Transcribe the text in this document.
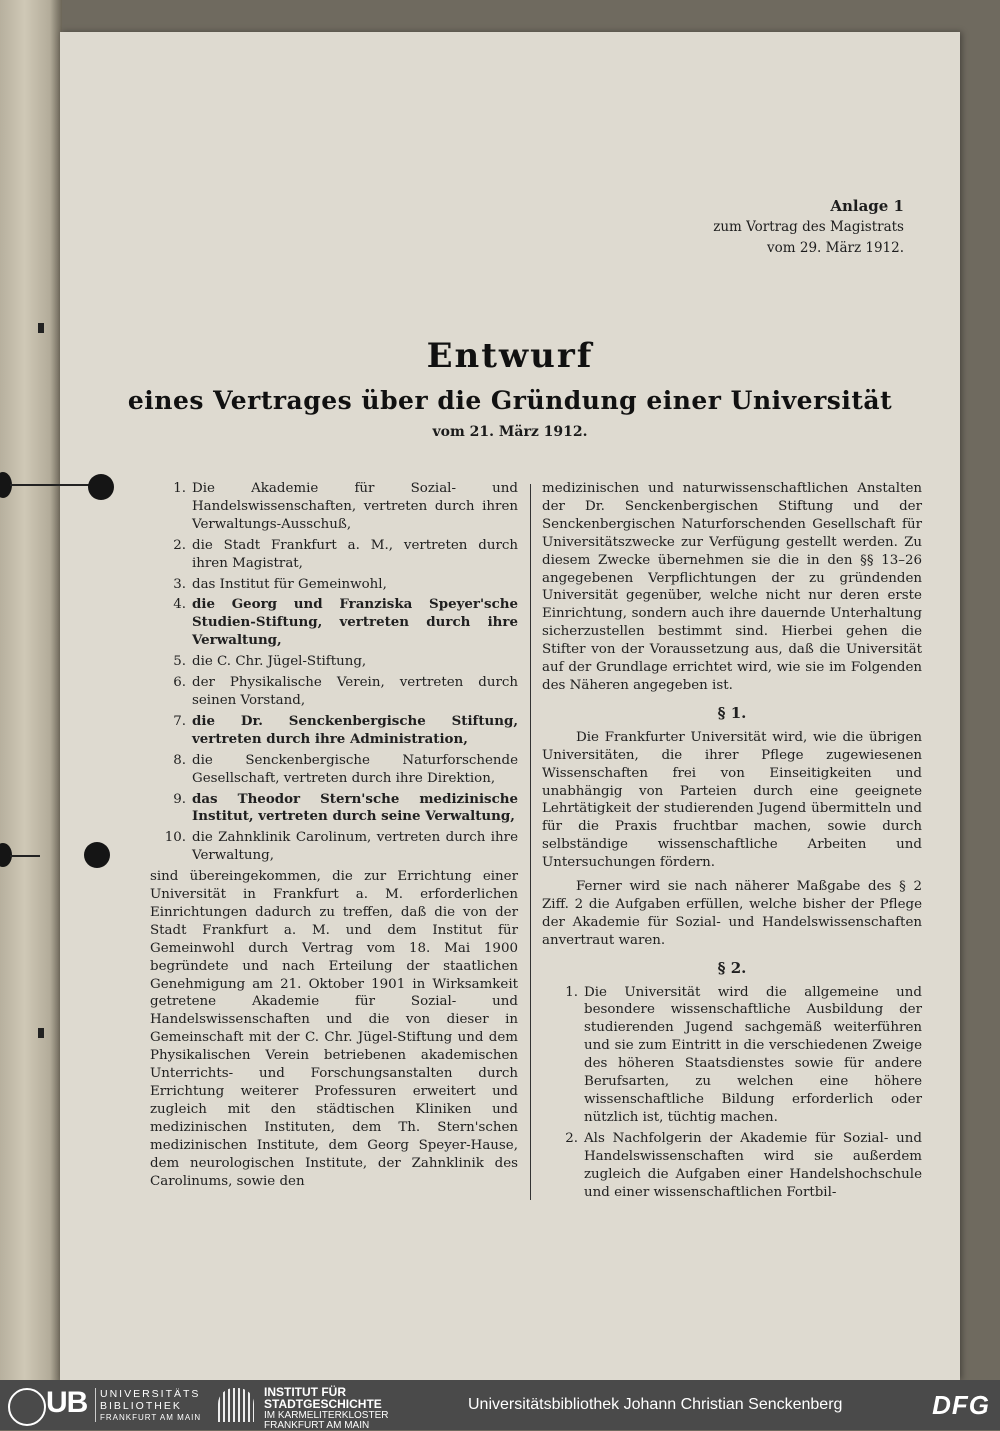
Anlage 1
zum Vortrag des Magistrats
vom 29. März 1912.
Entwurf
eines Vertrages über die Gründung einer Universität
vom 21. März 1912.
1. Die Akademie für Sozial- und Handelswissenschaften, vertreten durch ihren Verwaltungs-Ausschuß,
2. die Stadt Frankfurt a. M., vertreten durch ihren Magistrat,
3. das Institut für Gemeinwohl,
4. die Georg und Franziska Speyer'sche Studien-Stiftung, vertreten durch ihre Verwaltung,
5. die C. Chr. Jügel-Stiftung,
6. der Physikalische Verein, vertreten durch seinen Vorstand,
7. die Dr. Senckenbergische Stiftung, vertreten durch ihre Administration,
8. die Senckenbergische Naturforschende Gesellschaft, vertreten durch ihre Direktion,
9. das Theodor Stern'sche medizinische Institut, vertreten durch seine Verwaltung,
10. die Zahnklinik Carolinum, vertreten durch ihre Verwaltung,

sind übereingekommen, die zur Errichtung einer Universität in Frankfurt a. M. erforderlichen Einrichtungen dadurch zu treffen, daß die von der Stadt Frankfurt a. M. und dem Institut für Gemeinwohl durch Vertrag vom 18. Mai 1900 begründete und nach Erteilung der staatlichen Genehmigung am 21. Oktober 1901 in Wirksamkeit getretene Akademie für Sozial- und Handelswissenschaften und die von dieser in Gemeinschaft mit der C. Chr. Jügel-Stiftung und dem Physikalischen Verein betriebenen akademischen Unterrichts- und Forschungsanstalten durch Errichtung weiterer Professuren erweitert und zugleich mit den städtischen Kliniken und medizinischen Instituten, dem Th. Stern'schen medizinischen Institute, dem Georg Speyer-Hause, dem neurologischen Institute, der Zahnklinik des Carolinums, sowie den

medizinischen und naturwissenschaftlichen Anstalten der Dr. Senckenbergischen Stiftung und der Senckenbergischen Naturforschenden Gesellschaft für Universitätszwecke zur Verfügung gestellt werden. Zu diesem Zwecke übernehmen sie die in den §§ 13–26 angegebenen Verpflichtungen der zu gründenden Universität gegenüber, welche nicht nur deren erste Einrichtung, sondern auch ihre dauernde Unterhaltung sicherzustellen bestimmt sind. Hierbei gehen die Stifter von der Voraussetzung aus, daß die Universität auf der Grundlage errichtet wird, wie sie im Folgenden des Näheren angegeben ist.

§ 1.

Die Frankfurter Universität wird, wie die übrigen Universitäten, die ihrer Pflege zugewiesenen Wissenschaften frei von Einseitigkeiten und unabhängig von Parteien durch eine geeignete Lehrtätigkeit der studierenden Jugend übermitteln und für die Praxis fruchtbar machen, sowie durch selbständige wissenschaftliche Arbeiten und Untersuchungen fördern.

Ferner wird sie nach näherer Maßgabe des § 2 Ziff. 2 die Aufgaben erfüllen, welche bisher der Pflege der Akademie für Sozial- und Handelswissenschaften anvertraut waren.

§ 2.

1. Die Universität wird die allgemeine und besondere wissenschaftliche Ausbildung der studierenden Jugend sachgemäß weiterführen und sie zum Eintritt in die verschiedenen Zweige des höheren Staatsdienstes sowie für andere Berufsarten, zu welchen eine höhere wissenschaftliche Bildung erforderlich oder nützlich ist, tüchtig machen.
2. Als Nachfolgerin der Akademie für Sozial- und Handelswissenschaften wird sie außerdem zugleich die Aufgaben einer Handelshochschule und einer wissenschaftlichen Fortbil-
UB UNIVERSITÄTS
BIBLIOTHEK
FRANKFURT AM MAIN
INSTITUT FÜR
STADTGESCHICHTE
IM KARMELITERKLOSTER
FRANKFURT AM MAIN
Universitätsbibliothek Johann Christian Senckenberg	DFG
